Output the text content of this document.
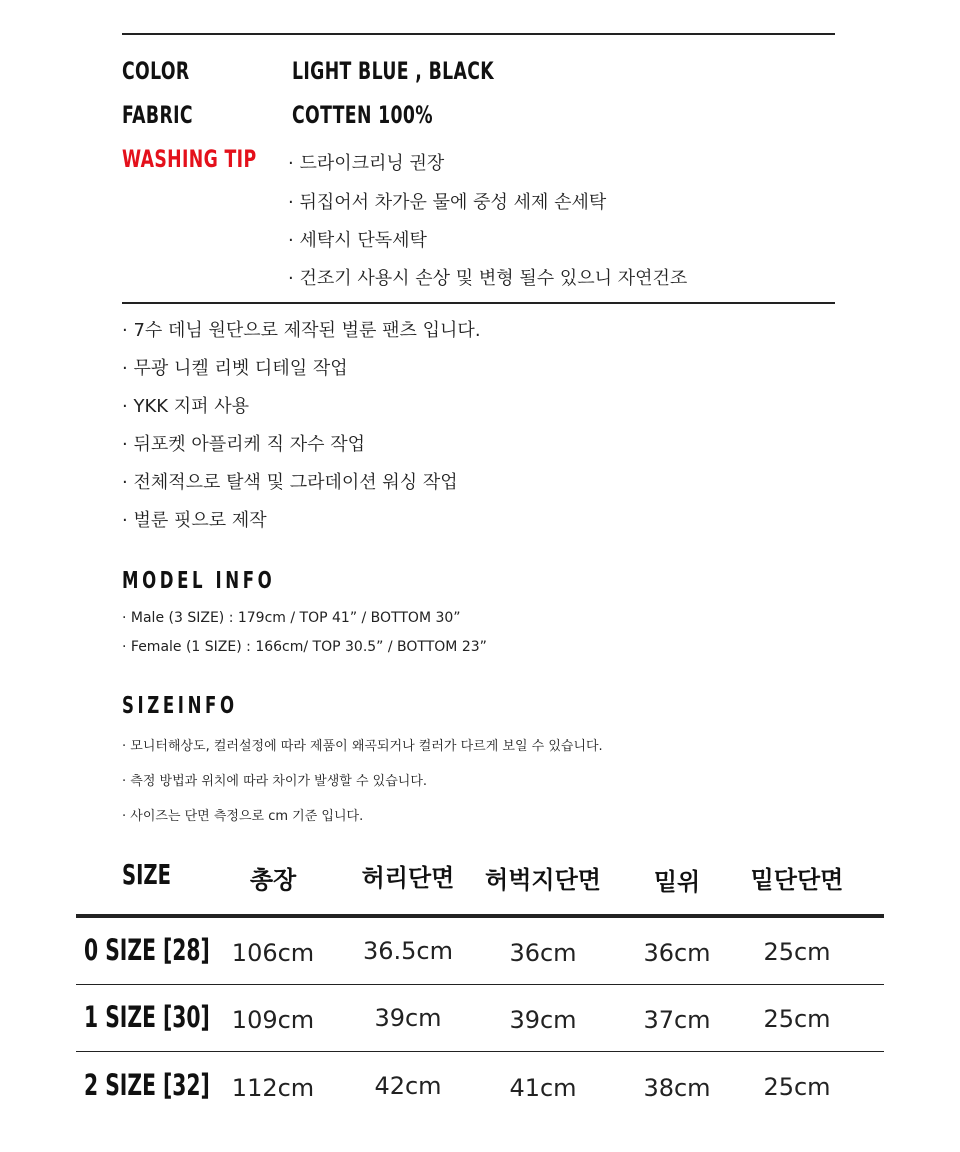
COLOR	LIGHT BLUE , BLACK
FABRIC	COTTEN 100%
WASHING TIP · 드라이크리닝 권장
· 뒤집어서 차가운 물에 중성 세제 손세탁
· 세탁시 단독세탁
· 건조기 사용시 손상 및 변형 될수 있으니 자연건조
· 7수 데님 원단으로 제작된 벌룬 팬츠 입니다.
· 무광 니켈 리벳 디테일 작업
· YKK 지퍼 사용
· 뒤포켓 아플리케 직 자수 작업
· 전체적으로 탈색 및 그라데이션 워싱 작업
· 벌룬 핏으로 제작
MODEL INFO
· Male (3 SIZE) : 179cm / TOP 41” / BOTTOM 30”
· Female (1 SIZE) : 166cm/ TOP 30.5” / BOTTOM 23”
SIZEINFO
· 모니터해상도, 컬러설정에 따라 제품이 왜곡되거나 컬러가 다르게 보일 수 있습니다.
· 측정 방법과 위치에 따라 차이가 발생할 수 있습니다.
· 사이즈는 단면 측정으로 cm 기준 입니다.
SIZE	총장	허리단면	허벅지단면	밑위	밑단단면
0 SIZE [28] 106cm	36.5cm	36cm	36cm	25cm
1 SIZE [30] 109cm	39cm	39cm	37cm	25cm
2 SIZE [32] 112cm	42cm	41cm	38cm	25cm
